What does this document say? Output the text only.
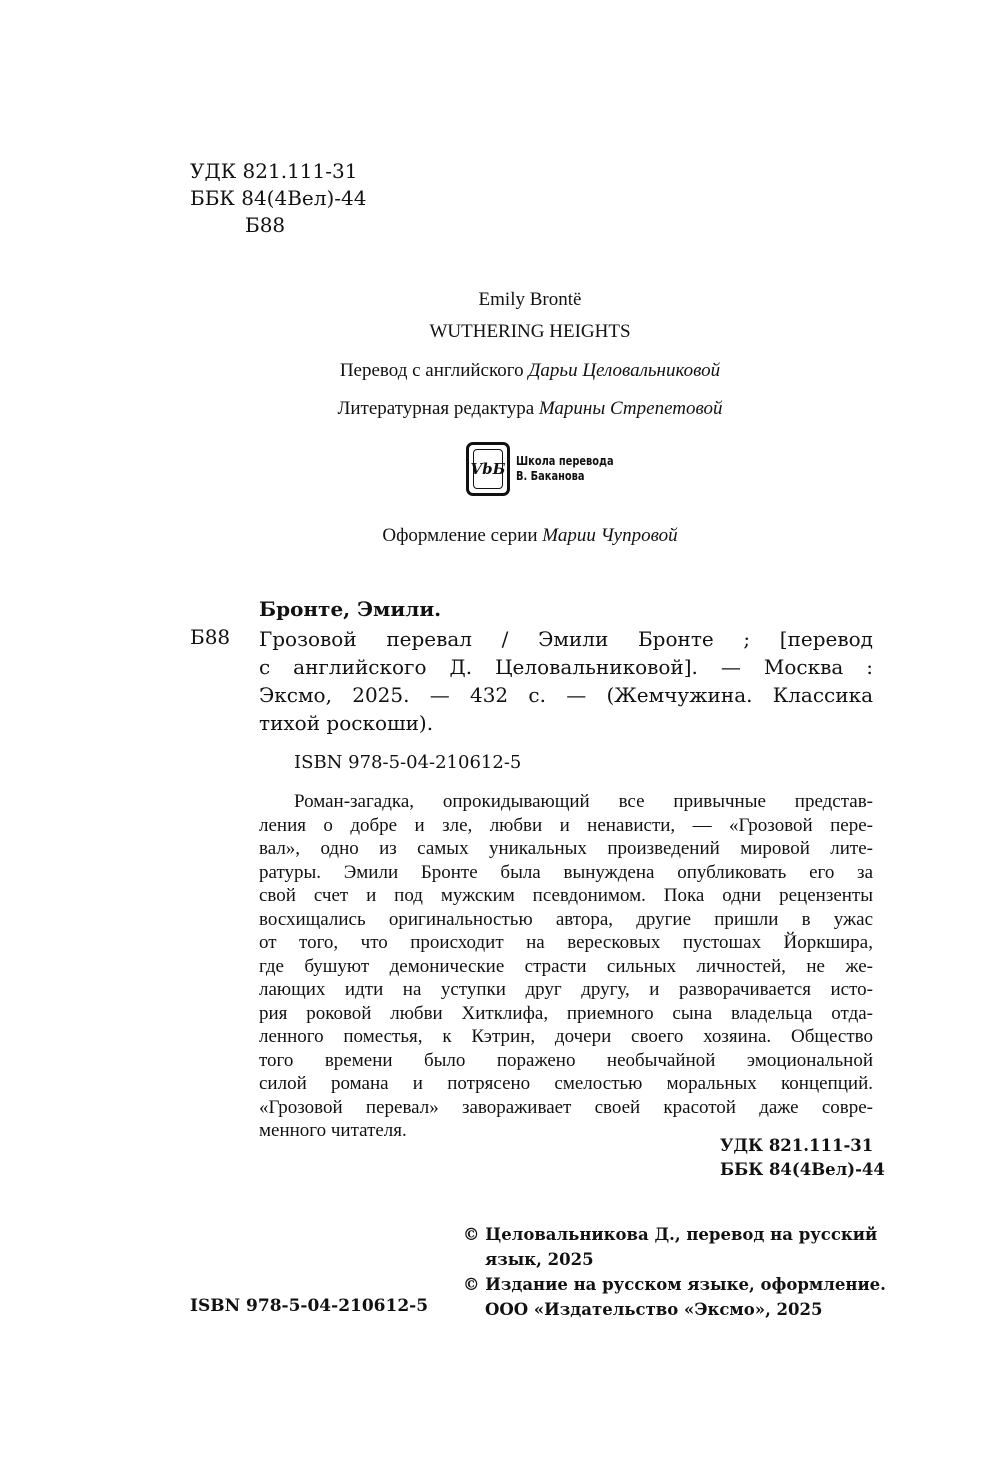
УДК 821.111-31
ББК 84(4Вел)-44
Б88
Emily Brontë
WUTHERING HEIGHTS
Перевод с английского Дарьи Целовальниковой
Литературная редактура Марины Стрепетовой
VbБ Школа перевода
В. Баканова
Оформление серии Марии Чупровой
Бронте, Эмили.
Б88 Грозовой перевал / Эмили Бронте ; [перевод
с английского Д. Целовальниковой]. — Москва :
Эксмо, 2025. — 432 с. — (Жемчужина. Классика
тихой роскоши).
ISBN 978-5-04-210612-5
Роман-загадка, опрокидывающий все привычные представ-
ления о добре и зле, любви и ненависти, — «Грозовой пере-
вал», одно из самых уникальных произведений мировой лите-
ратуры. Эмили Бронте была вынуждена опубликовать его за
свой счет и под мужским псевдонимом. Пока одни рецензенты
восхищались оригинальностью автора, другие пришли в ужас
от того, что происходит на вересковых пустошах Йоркшира,
где бушуют демонические страсти сильных личностей, не же-
лающих идти на уступки друг другу, и разворачивается исто-
рия роковой любви Хитклифа, приемного сына владельца отда-
ленного поместья, к Кэтрин, дочери своего хозяина. Общество
того времени было поражено необычайной эмоциональной
силой романа и потрясено смелостью моральных концепций.
«Грозовой перевал» завораживает своей красотой даже совре-
менного читателя.
УДК 821.111-31
ББК 84(4Вел)-44
© Целовальникова Д., перевод на русский
язык, 2025
© Издание на русском языке, оформление.
ООО «Издательство «Эксмо», 2025
ISBN 978-5-04-210612-5
